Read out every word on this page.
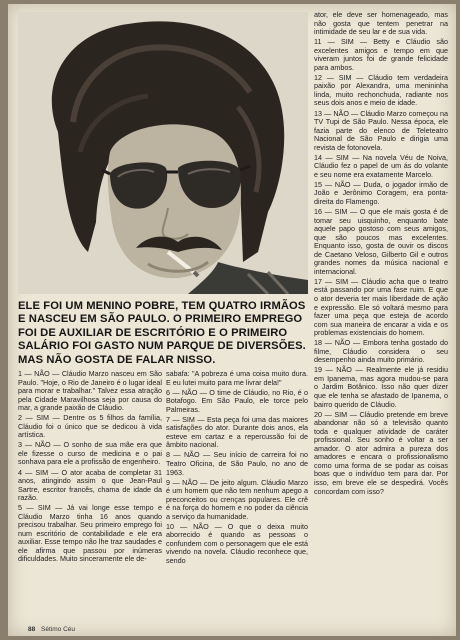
ELE FOI UM MENINO POBRE, TEM QUATRO IRMÃOS E NASCEU EM SÃO PAULO. O PRIMEIRO EMPREGO FOI DE AUXILIAR DE ESCRITÓRIO E O PRIMEIRO SALÁRIO FOI GASTO NUM PARQUE DE DIVERSÕES. MAS NÃO GOSTA DE FALAR NISSO.

1 — NÃO — Cláudio Marzo nasceu em São Paulo. "Hoje, o Rio de Janeiro é o lugar ideal para morar e trabalhar." Talvez essa atração pela Cidade Maravilhosa seja por causa do mar, a grande paixão de Cláudio.

2 — SIM — Dentre os 5 filhos da família, Cláudio foi o único que se dedicou à vida artística.

3 — NÃO — O sonho de sua mãe era que ele fizesse o curso de medicina e o pai sonhava para ele a profissão de engenheiro.

4 — SIM — O ator acaba de completar 31 anos, atingindo assim o que Jean-Paul Sartre, escritor francês, chama de idade da razão.

5 — SIM — Já vai longe esse tempo e Cláudio Marzo tinha 16 anos quando precisou trabalhar. Seu primeiro emprego foi num escritório de contabilidade e ele era auxiliar. Esse tempo não lhe traz saudades e ele afirma que passou por inúmeras dificuldades. Muito sinceramente ele de-

sabafa: "A pobreza é uma coisa muito dura. E eu lutei muito para me livrar dela!"

6 — NÃO — O time de Cláudio, no Rio, é o Botafogo. Em São Paulo, ele torce pelo Palmeiras.

7 — SIM — Esta peça foi uma das maiores satisfações do ator. Durante dois anos, ela esteve em cartaz e a repercussão foi de âmbito nacional.

8 — NÃO — Seu início de carreira foi no Teatro Oficina, de São Paulo, no ano de 1963.

9 — NÃO — De jeito algum. Cláudio Marzo é um homem que não tem nenhum apego a preconceitos ou crenças populares. Ele crê é na força do homem e no poder da ciência a serviço da humanidade.

10 — NÃO — O que o deixa muito aborrecido é quando as pessoas o confundem com o personagem que ele está vivendo na novela. Cláudio reconhece que, sendo

ator, ele deve ser homenageado, mas não gosta que tentem penetrar na intimidade de seu lar e de sua vida.

11 — SIM — Betty e Cláudio são excelentes amigos e tempo em que viveram juntos foi de grande felicidade para ambos.

12 — SIM — Cláudio tem verdadeira paixão por Alexandra, uma menininha linda, muito rechonchuda, radiante nos seus dois anos e meio de idade.

13 — NÃO — Cláudio Marzo começou na TV Tupi de São Paulo. Nessa época, ele fazia parte do elenco de Teleteatro Nacional de São Paulo e dirigia uma revista de fotonovela.

14 — SIM — Na novela Véu de Noiva, Cláudio fez o papel de um ás do volante e seu nome era exatamente Marcelo.

15 — NÃO — Duda, o jogador irmão de João e Jerônimo Coragem, era ponta-direita do Flamengo.

16 — SIM — O que ele mais gosta é de tomar seu uisquinho, enquanto bate aquele papo gostoso com seus amigos, que são poucos mas excelentes. Enquanto isso, gosta de ouvir os discos de Caetano Veloso, Gilberto Gil e outros grandes nomes da música nacional e internacional.

17 — SIM — Cláudio acha que o teatro está passando por uma fase ruim. E que o ator deveria ter mais liberdade de ação e expressão. Ele só voltará mesmo para fazer uma peça que esteja de acordo com sua maneira de encarar a vida e os problemas existenciais do homem.

18 — NÃO — Embora tenha gostado do filme, Cláudio considera o seu desempenho ainda muito primário.

19 — NÃO — Realmente ele já residiu em Ipanema, mas agora mudou-se para o Jardim Botânico. Isso não quer dizer que ele tenha se afastado de Ipanema, o bairro querido de Cláudio.

20 — SIM — Cláudio pretende em breve abandonar não só a televisão quanto toda e qualquer atividade de caráter profissional. Seu sonho é voltar a ser amador. O ator admira a pureza dos amadores e encara o profissionalismo como uma forma de se podar as coisas boas que o indivíduo tem para dar. Por isso, em breve ele se despedirá. Vocês concordam com isso?

88 Sétimo Céu
